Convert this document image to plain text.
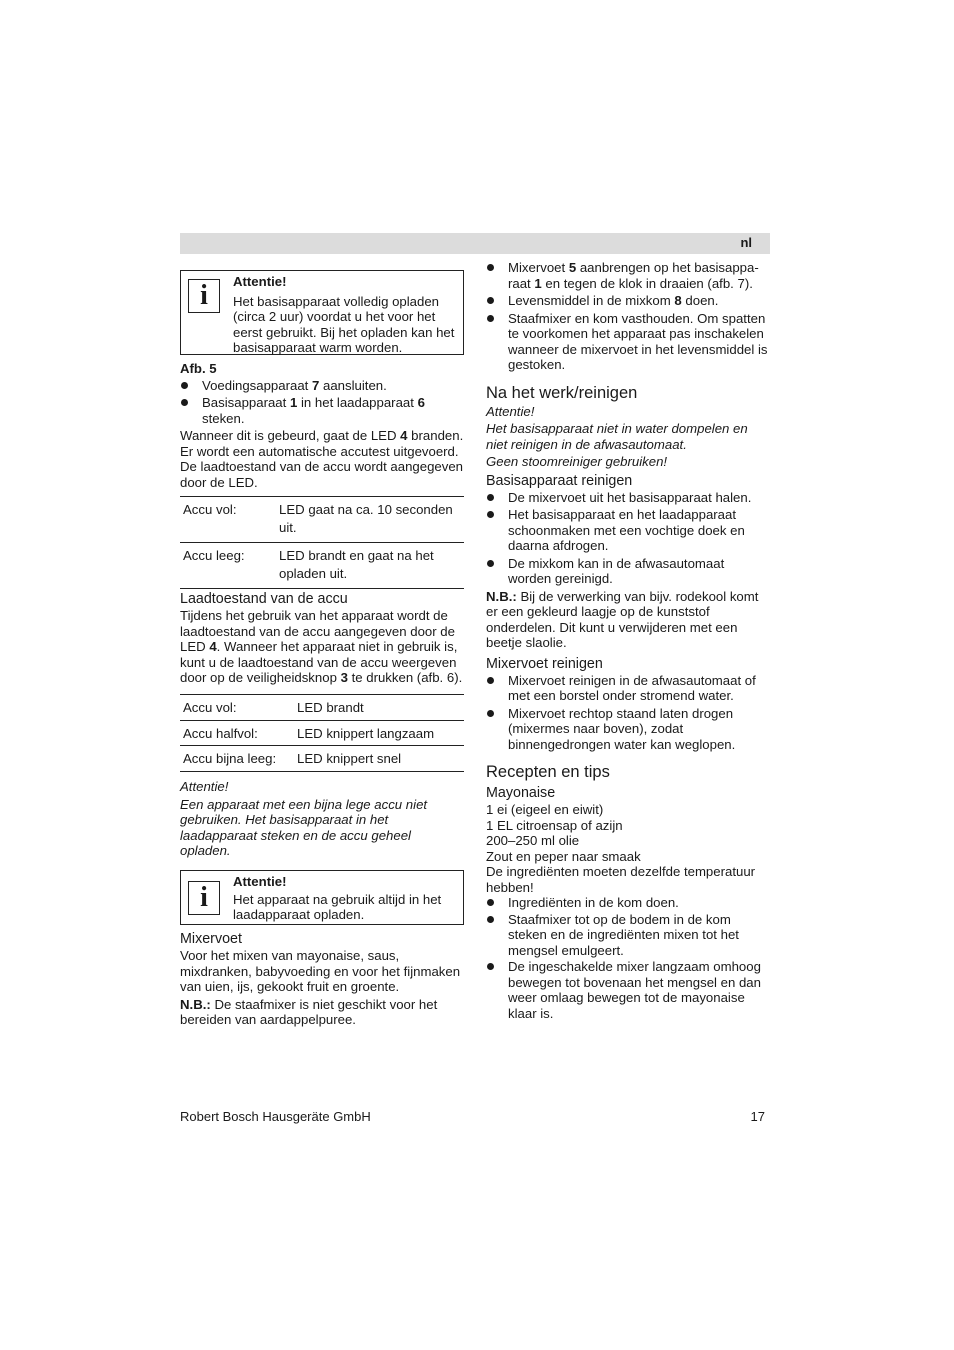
nl
i	Attentie!

Het basisapparaat volledig opladen (circa 2 uur) voordat u het voor het eerst gebruikt. Bij het opladen kan het basisapparaat warm worden.

Afb. 5

Voedingsapparaat 7 aansluiten.
Basisapparaat 1 in het laadapparaat 6
steken.

Wanneer dit is gebeurd, gaat de LED 4 branden. Er wordt een automatische accutest uitgevoerd. De laadtoestand van de accu wordt aangegeven door de LED.

Accu vol:	LED gaat na ca. 10 seconden uit.
Accu leeg:	LED brandt en gaat na het opladen uit.
Laadtoestand van de accu

Tijdens het gebruik van het apparaat wordt de laadtoestand van de accu aangegeven door de LED 4. Wanneer het apparaat niet in gebruik is, kunt u de laadtoestand van de accu weergeven door op de veiligheidsknop 3 te drukken (afb. 6).

Accu vol:	LED brandt
Accu halfvol:	LED knippert langzaam
Accu bijna leeg:	LED knippert snel

Attentie!

Een apparaat met een bijna lege accu niet gebruiken. Het basisapparaat in het laadapparaat steken en de accu geheel opladen.

i

Attentie!

Het apparaat na gebruik altijd in het laadapparaat opladen.

Mixervoet

Voor het mixen van mayonaise, saus, mixdranken, babyvoeding en voor het fijnmaken van uien, ijs, gekookt fruit en groente.

N.B.: De staafmixer is niet geschikt voor het bereiden van aardappelpuree.

Mixervoet 5 aanbrengen op het basisapparaat 1 en tegen de klok in draaien (afb. 7).
Levensmiddel in de mixkom 8 doen.
Staafmixer en kom vasthouden. Om spatten te voorkomen het apparaat pas inschakelen wanneer de mixervoet in het levensmiddel is gestoken.
Na het werk/reinigen

Attentie!

Het basisapparaat niet in water dompelen en niet reinigen in de afwasautomaat.

Geen stoomreiniger gebruiken!

Basisapparaat reinigen
De mixervoet uit het basisapparaat halen.
Het basisapparaat en het laadapparaat schoonmaken met een vochtige doek en daarna afdrogen.
De mixkom kan in de afwasautomaat worden gereinigd.

N.B.: Bij de verwerking van bijv. rodekool komt er een gekleurd laagje op de kunststof onderdelen. Dit kunt u verwijderen met een beetje slaolie.

Mixervoet reinigen
Mixervoet reinigen in de afwasautomaat of met een borstel onder stromend water.
Mixervoet rechtop staand laten drogen (mixermes naar boven), zodat binnengedrongen water kan weglopen.
Recepten en tips
Mayonaise

1 ei (eigeel en eiwit)

1 EL citroensap of azijn

200–250 ml olie

Zout en peper naar smaak

De ingrediënten moeten dezelfde temperatuur hebben!

Ingrediënten in de kom doen.
Staafmixer tot op de bodem in de kom steken en de ingrediënten mixen tot het mengsel emulgeert.
De ingeschakelde mixer langzaam omhoog bewegen tot bovenaan het mengsel en dan weer omlaag bewegen tot de mayonaise klaar is.
Robert Bosch Hausgeräte GmbH	17
